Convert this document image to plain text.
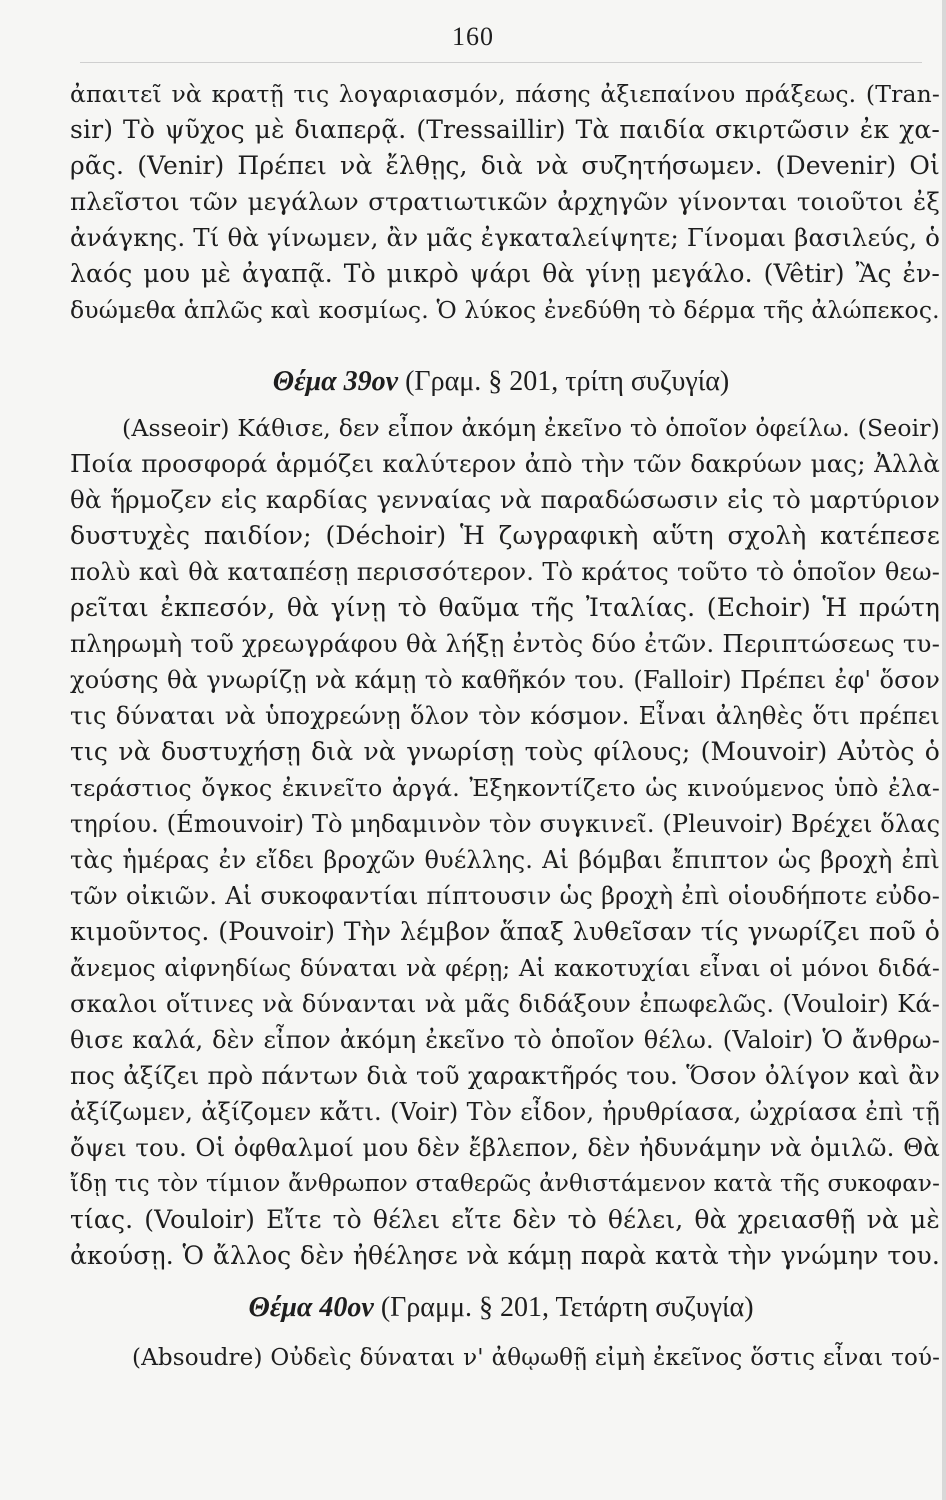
160
ἀπαιτεῖ νὰ κρατῇ τις λογαριασμόν, πάσης ἀξιεπαίνου πράξεως. (Tran-
sir) Τὸ ψῦχος μὲ διαπερᾷ. (Tressaillir) Τὰ παιδία σκιρτῶσιν ἐκ χα-
ρᾶς. (Venir) Πρέπει νὰ ἔλθῃς, διὰ νὰ συζητήσωμεν. (Devenir) Οἱ
πλεῖστοι τῶν μεγάλων στρατιωτικῶν ἀρχηγῶν γίνονται τοιοῦτοι ἐξ
ἀνάγκης. Τί θὰ γίνωμεν, ἂν μᾶς ἐγκαταλείψητε; Γίνομαι βασιλεύς, ὁ
λαός μου μὲ ἀγαπᾷ. Τὸ μικρὸ ψάρι θὰ γίνῃ μεγάλο. (Vêtir) Ἂς ἐν-
δυώμεθα ἁπλῶς καὶ κοσμίως. Ὁ λύκος ἐνεδύθη τὸ δέρμα τῆς ἀλώπεκος.
Θέμα 39ον (Γραμ. § 201, τρίτη συζυγία)
(Asseoir) Κάθισε, δεν εἶπον ἀκόμη ἐκεῖνο τὸ ὁποῖον ὀφείλω. (Seoir)
Ποία προσφορά ἁρμόζει καλύτερον ἀπὸ τὴν τῶν δακρύων μας; Ἀλλὰ
θὰ ἥρμοζεν εἰς καρδίας γενναίας νὰ παραδώσωσιν εἰς τὸ μαρτύριον
δυστυχὲς παιδίον; (Déchoir) Ἡ ζωγραφικὴ αὕτη σχολὴ κατέπεσε
πολὺ καὶ θὰ καταπέσῃ περισσότερον. Τὸ κράτος τοῦτο τὸ ὁποῖον θεω-
ρεῖται ἐκπεσόν, θὰ γίνῃ τὸ θαῦμα τῆς Ἰταλίας. (Echoir) Ἡ πρώτη
πληρωμὴ τοῦ χρεωγράφου θὰ λήξῃ ἐντὸς δύο ἐτῶν. Περιπτώσεως τυ-
χούσης θὰ γνωρίζῃ νὰ κάμῃ τὸ καθῆκόν του. (Falloir) Πρέπει ἐφ' ὅσον
τις δύναται νὰ ὑποχρεώνῃ ὅλον τὸν κόσμον. Εἶναι ἀληθὲς ὅτι πρέπει
τις νὰ δυστυχήσῃ διὰ νὰ γνωρίσῃ τοὺς φίλους; (Mouvoir) Αὐτὸς ὁ
τεράστιος ὄγκος ἐκινεῖτο ἀργά. Ἐξηκοντίζετο ὡς κινούμενος ὑπὸ ἐλα-
τηρίου. (Émouvoir) Τὸ μηδαμινὸν τὸν συγκινεῖ. (Pleuvoir) Βρέχει ὅλας
τὰς ἡμέρας ἐν εἴδει βροχῶν θυέλλης. Αἱ βόμβαι ἔπιπτον ὡς βροχὴ ἐπὶ
τῶν οἰκιῶν. Αἱ συκοφαντίαι πίπτουσιν ὡς βροχὴ ἐπὶ οἱουδήποτε εὐδο-
κιμοῦντος. (Pouvoir) Τὴν λέμβον ἅπαξ λυθεῖσαν τίς γνωρίζει ποῦ ὁ
ἄνεμος αἰφνηδίως δύναται νὰ φέρῃ; Αἱ κακοτυχίαι εἶναι οἱ μόνοι διδά-
σκαλοι οἵτινες νὰ δύνανται νὰ μᾶς διδάξουν ἐπωφελῶς. (Vouloir) Κά-
θισε καλά, δὲν εἶπον ἀκόμη ἐκεῖνο τὸ ὁποῖον θέλω. (Valoir) Ὁ ἄνθρω-
πος ἀξίζει πρὸ πάντων διὰ τοῦ χαρακτῆρός του. Ὅσον ὀλίγον καὶ ἂν
ἀξίζωμεν, ἀξίζομεν κἄτι. (Voir) Τὸν εἶδον, ἠρυθρίασα, ὠχρίασα ἐπὶ τῇ
ὄψει του. Οἱ ὀφθαλμοί μου δὲν ἔβλεπον, δὲν ἠδυνάμην νὰ ὁμιλῶ. Θὰ
ἴδῃ τις τὸν τίμιον ἄνθρωπον σταθερῶς ἀνθιστάμενον κατὰ τῆς συκοφαν-
τίας. (Vouloir) Εἴτε τὸ θέλει εἴτε δὲν τὸ θέλει, θὰ χρειασθῇ νὰ μὲ
ἀκούσῃ. Ὁ ἄλλος δὲν ἠθέλησε νὰ κάμῃ παρὰ κατὰ τὴν γνώμην του.
Θέμα 40ον (Γραμμ. § 201, Τετάρτη συζυγία)
(Absoudre) Οὐδεὶς δύναται ν' ἀθῳωθῇ εἰμὴ ἐκεῖνος ὅστις εἶναι τού-
